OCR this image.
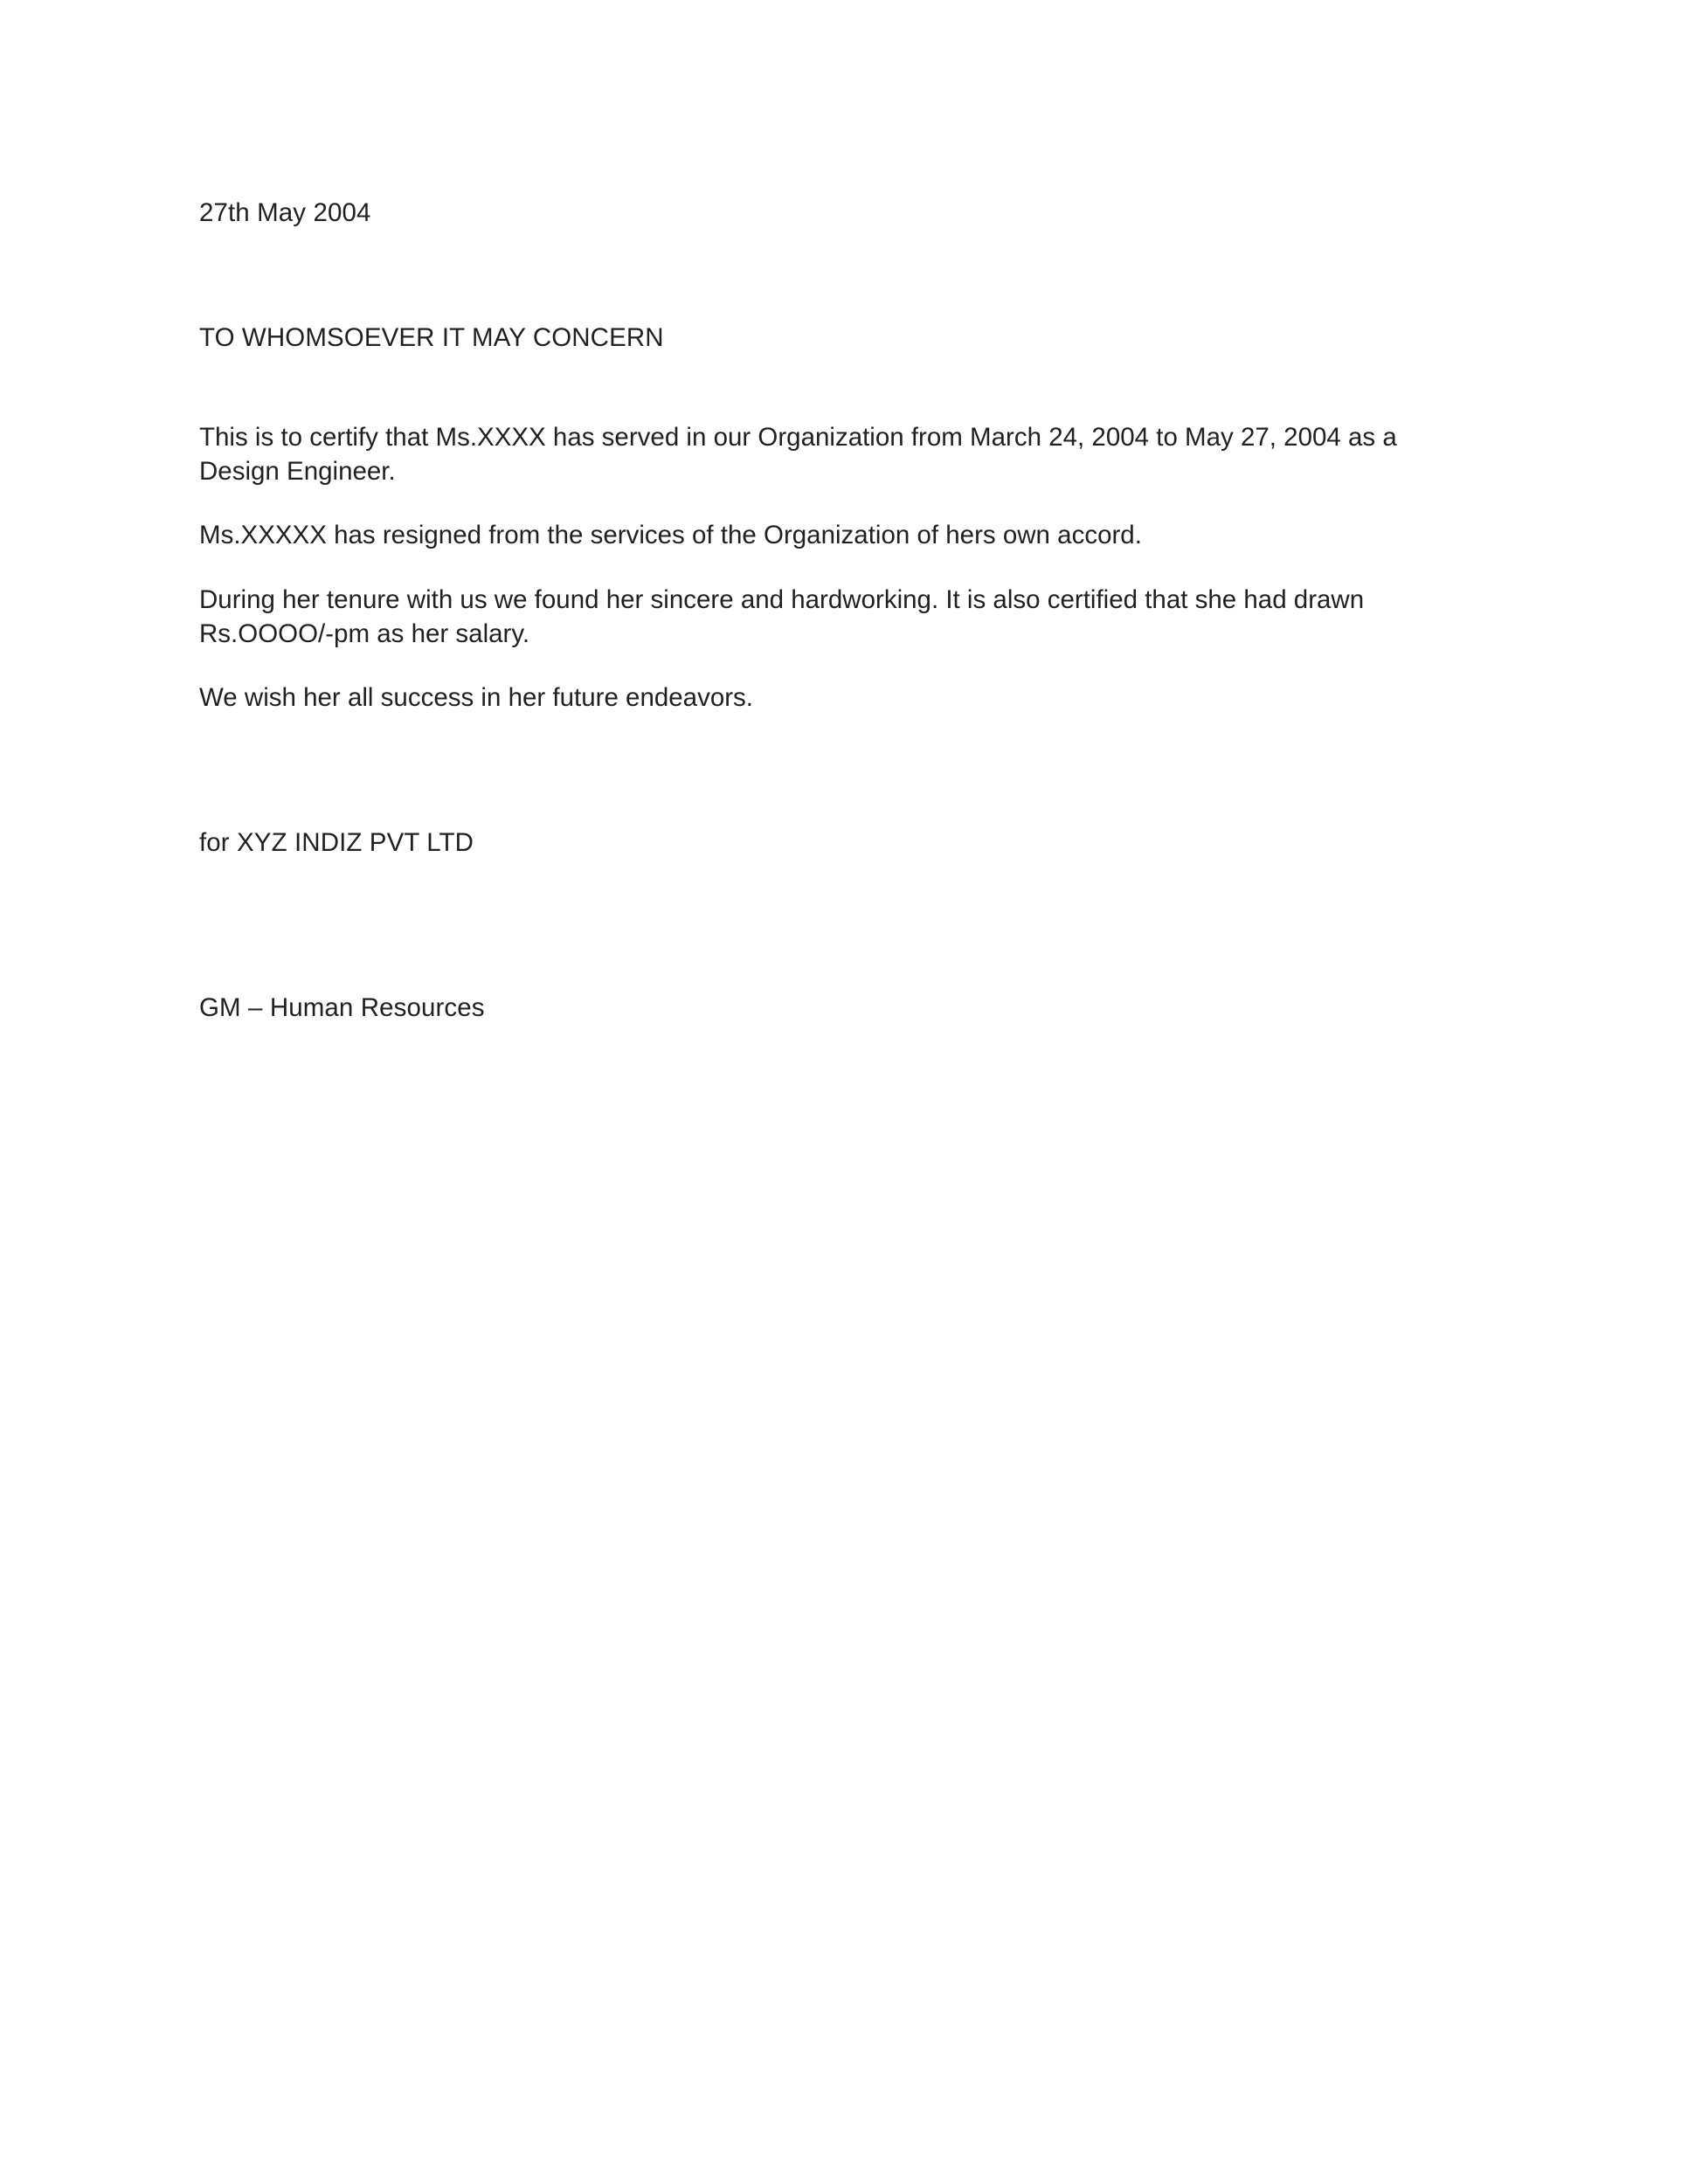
27th May 2004
TO WHOMSOEVER IT MAY CONCERN

This is to certify that Ms.XXXX has served in our Organization from March 24, 2004 to May 27, 2004 as a Design Engineer.

Ms.XXXXX has resigned from the services of the Organization of hers own accord.

During her tenure with us we found her sincere and hardworking. It is also certified that she had drawn Rs.OOOO/-pm as her salary.

We wish her all success in her future endeavors.

for XYZ INDIZ PVT LTD
GM – Human Resources
